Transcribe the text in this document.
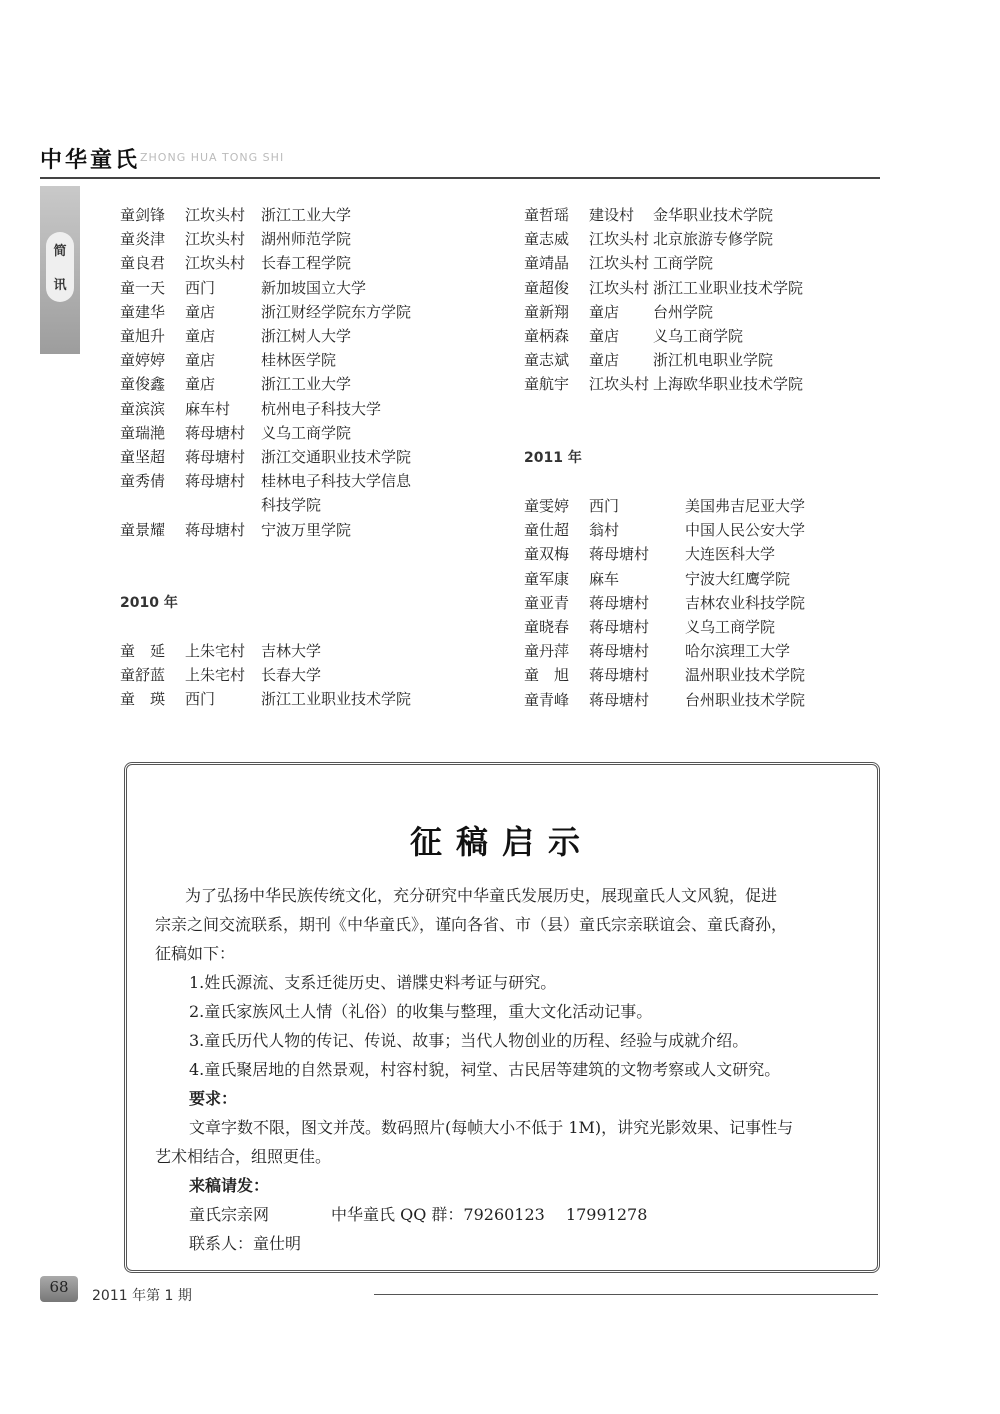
中华童氏 ZHONG HUA TONG SHI
简
讯
童剑锋 江坎头村 浙江工业大学
童炎津 江坎头村 湖州师范学院
童良君 江坎头村 长春工程学院
童一天 西门	新加坡国立大学
童建华 童店	浙江财经学院东方学院
童旭升 童店	浙江树人大学
童婷婷 童店	桂林医学院
童俊鑫 童店	浙江工业大学
童滨滨 麻车村 杭州电子科技大学
童瑞滟 蒋母塘村 义乌工商学院
童坚超 蒋母塘村 浙江交通职业技术学院
童秀倩 蒋母塘村 桂林电子科技大学信息
科技学院
童景耀 蒋母塘村 宁波万里学院
2010 年
童　延 上朱宅村 吉林大学
童舒蓝 上朱宅村 长春大学
童　瑛 西门	浙江工业职业技术学院
童哲瑶 建设村 金华职业技术学院
童志威 江坎头村 北京旅游专修学院
童靖晶 江坎头村 工商学院
童超俊 江坎头村 浙江工业职业技术学院
童新翔 童店 台州学院
童柄森 童店 义乌工商学院
童志斌 童店 浙江机电职业学院
童航宇 江坎头村 上海欧华职业技术学院
2011 年
童雯婷 西门	美国弗吉尼亚大学
童仕超 翁村	中国人民公安大学
童双梅 蒋母塘村 大连医科大学
童军康 麻车	宁波大红鹰学院
童亚青 蒋母塘村 吉林农业科技学院
童晓春 蒋母塘村 义乌工商学院
童丹萍 蒋母塘村 哈尔滨理工大学
童　旭 蒋母塘村 温州职业技术学院
童青峰 蒋母塘村 台州职业技术学院
征稿启示
为了弘扬中华民族传统文化，充分研究中华童氏发展历史，展现童氏人文风貌，促进
宗亲之间交流联系，期刊《中华童氏》，谨向各省、市（县）童氏宗亲联谊会、童氏裔孙，
征稿如下：
1.姓氏源流、支系迁徙历史、谱牒史料考证与研究。
2.童氏家族风土人情（礼俗）的收集与整理，重大文化活动记事。
3.童氏历代人物的传记、传说、故事；当代人物创业的历程、经验与成就介绍。
4.童氏聚居地的自然景观，村容村貌，祠堂、古民居等建筑的文物考察或人文研究。
要求：
文章字数不限，图文并茂。数码照片(每帧大小不低于 1M)，讲究光影效果、记事性与
艺术相结合，组照更佳。
来稿请发：
童氏宗亲网	中华童氏 QQ 群：79260123　 17991278
联系人：童仕明
68	2011 年第 1 期
